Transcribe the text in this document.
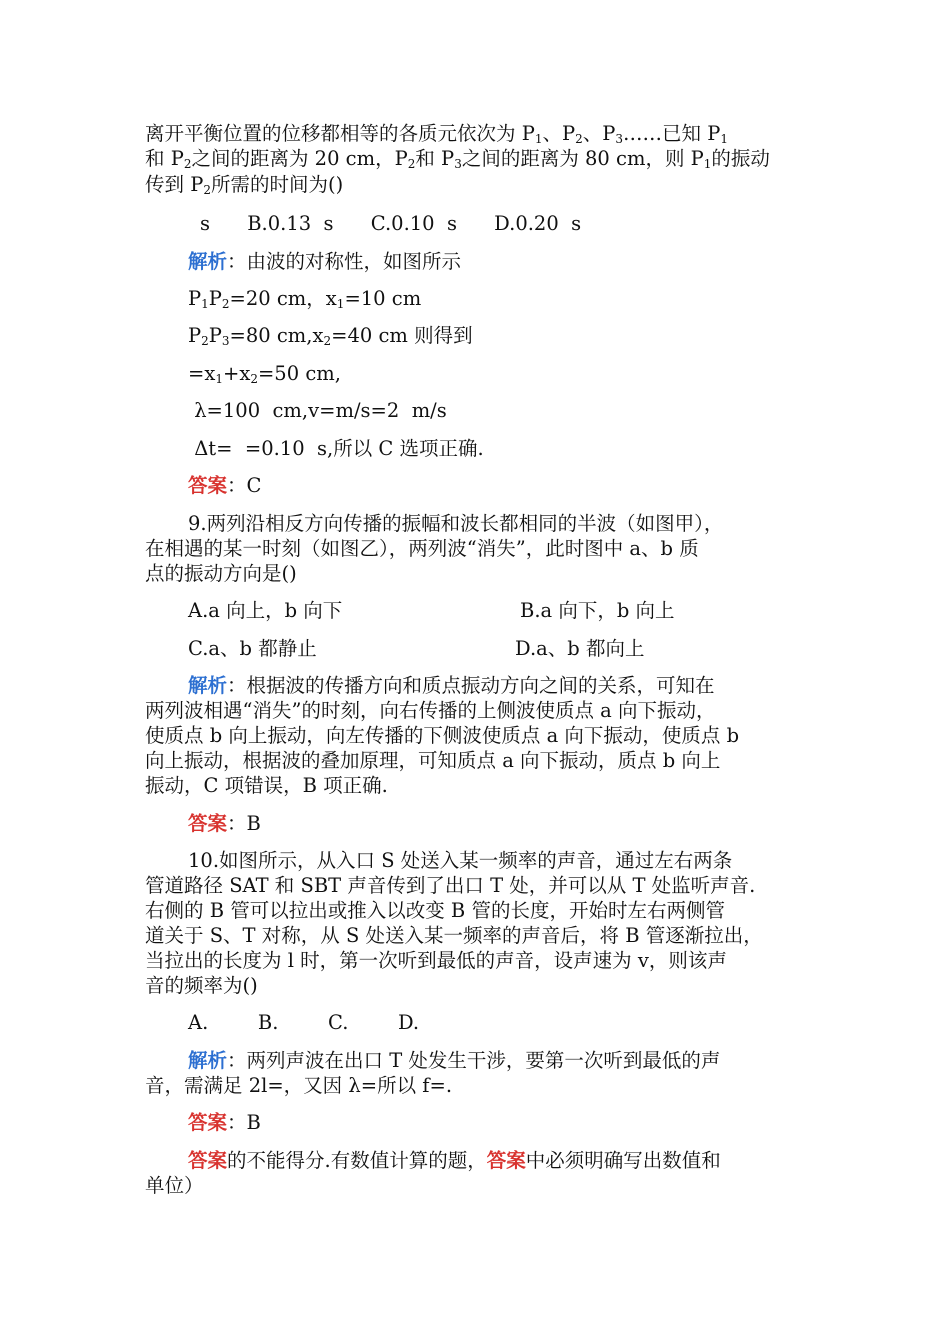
离开平衡位置的位移都相等的各质元依次为 $P_1$、$P_2$、$P_3\dots\dots$已知 $P_1$
和 $P_2$之间的距离为 20 cm，$P_2$和 $P_3$之间的距离为 80 cm，则 $P_1$的振动
传到 $P_2$所需的时间为()
s      B.0.13  s      C.0.10  s      D.0.20  s
解析：由波的对称性，如图所示
$P_1P_2=20$ cm，$x_1=10$ cm
$P_2P_3=80$ $cm,x_2=40$ cm 则得到
$=x_1+x_2=50$ cm,
λ=100  cm,v=m/s=2  m/s
Δt=  =0.10  s,所以 C 选项正确.
答案：C
9.两列沿相反方向传播的振幅和波长都相同的半波（如图甲），
在相遇的某一时刻（如图乙），两列波“消失”，此时图中 a、b 质
点的振动方向是()
A.a 向上，b 向下	B.a 向下，b 向上
C.a、b 都静止	D.a、b 都向上
解析：根据波的传播方向和质点振动方向之间的关系，可知在
两列波相遇“消失”的时刻，向右传播的上侧波使质点 a 向下振动，
使质点 b 向上振动，向左传播的下侧波使质点 a 向下振动，使质点 b
向上振动，根据波的叠加原理，可知质点 a 向下振动，质点 b 向上
振动，C 项错误，B 项正确.
答案：B
10.如图所示，从入口 S 处送入某一频率的声音，通过左右两条
管道路径 SAT 和 SBT 声音传到了出口 T 处，并可以从 T 处监听声音.
右侧的 B 管可以拉出或推入以改变 B 管的长度，开始时左右两侧管
道关于 S、T 对称，从 S 处送入某一频率的声音后，将 B 管逐渐拉出，
当拉出的长度为 l 时，第一次听到最低的声音，设声速为 v，则该声
音的频率为()
A.        B.        C.        D.
解析：两列声波在出口 T 处发生干涉，要第一次听到最低的声
音，需满足 2l=，又因 λ=所以 f=.
答案：B
答案的不能得分.有数值计算的题，答案中必须明确写出数值和
单位）
